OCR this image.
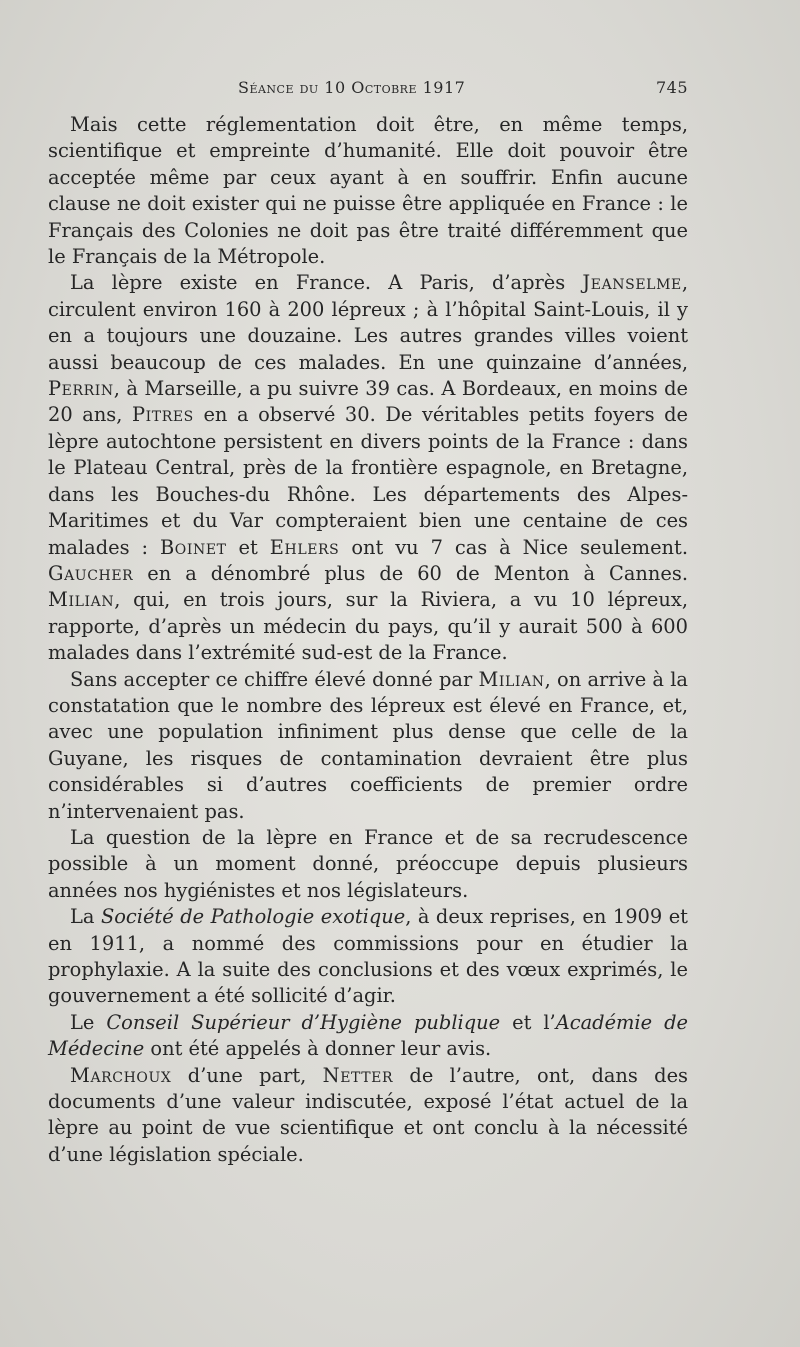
Séance du 10 Octobre 1917	745

Mais cette réglementation doit être, en même temps, scientifique et empreinte d’humanité. Elle doit pouvoir être acceptée même par ceux ayant à en souffrir. Enfin aucune clause ne doit exister qui ne puisse être appliquée en France : le Français des Colonies ne doit pas être traité différemment que le Français de la Métropole.

La lèpre existe en France. A Paris, d’après Jeanselme, circulent environ 160 à 200 lépreux ; à l’hôpital Saint-Louis, il y en a toujours une douzaine. Les autres grandes villes voient aussi beaucoup de ces malades. En une quinzaine d’années, Perrin, à Marseille, a pu suivre 39 cas. A Bordeaux, en moins de 20 ans, Pitres en a observé 30. De véritables petits foyers de lèpre autochtone persistent en divers points de la France : dans le Plateau Central, près de la frontière espagnole, en Bretagne, dans les Bouches-du Rhône. Les départements des Alpes-Maritimes et du Var compteraient bien une centaine de ces malades : Boinet et Ehlers ont vu 7 cas à Nice seulement. Gaucher en a dénombré plus de 60 de Menton à Cannes. Milian, qui, en trois jours, sur la Riviera, a vu 10 lépreux, rapporte, d’après un médecin du pays, qu’il y aurait 500 à 600 malades dans l’extrémité sud-est de la France.

Sans accepter ce chiffre élevé donné par Milian, on arrive à la constatation que le nombre des lépreux est élevé en France, et, avec une population infiniment plus dense que celle de la Guyane, les risques de contamination devraient être plus considérables si d’autres coefficients de premier ordre n’intervenaient pas.

La question de la lèpre en France et de sa recrudescence possible à un moment donné, préoccupe depuis plusieurs années nos hygiénistes et nos législateurs.

La Société de Pathologie exotique, à deux reprises, en 1909 et en 1911, a nommé des commissions pour en étudier la prophylaxie. A la suite des conclusions et des vœux exprimés, le gouvernement a été sollicité d’agir.

Le Conseil Supérieur d’Hygiène publique et l’Académie de Médecine ont été appelés à donner leur avis.

Marchoux d’une part, Netter de l’autre, ont, dans des documents d’une valeur indiscutée, exposé l’état actuel de la lèpre au point de vue scientifique et ont conclu à la nécessité d’une législation spéciale.
